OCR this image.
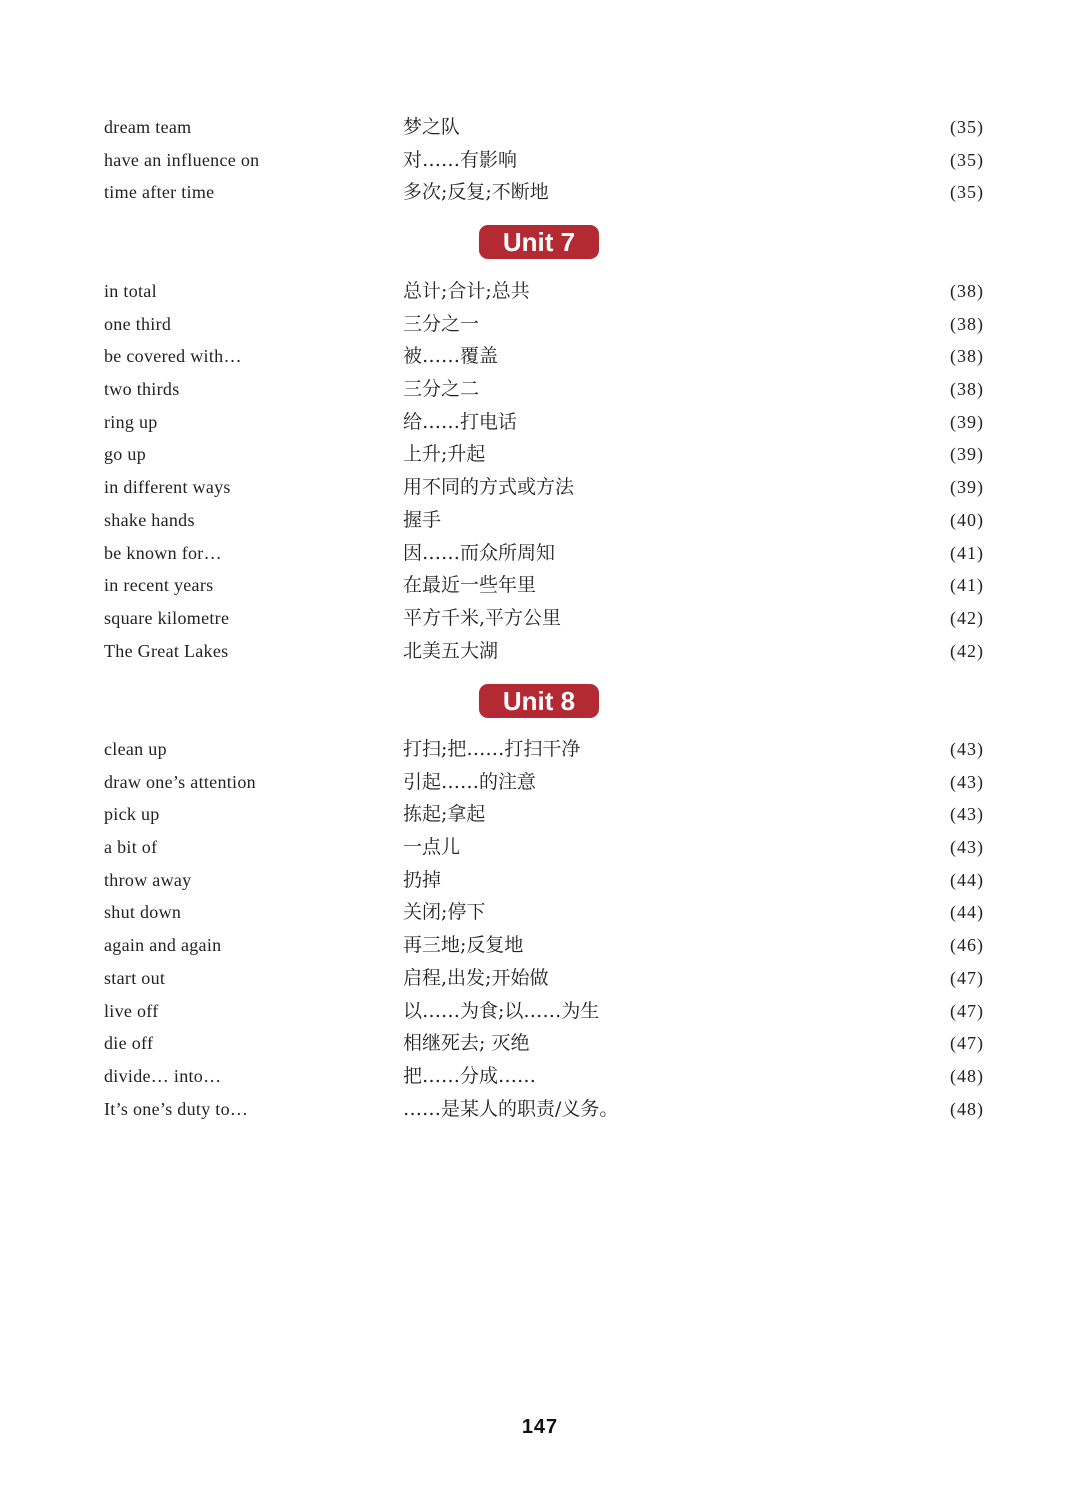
dream team	梦之队	(35)
have an influence on	对……有影响	(35)
time after time	多次;反复;不断地	(35)
Unit 7
in total	总计;合计;总共	(38)
one third	三分之一	(38)
be covered with…	被……覆盖	(38)
two thirds	三分之二	(38)
ring up	给……打电话	(39)
go up	上升;升起	(39)
in different ways	用不同的方式或方法	(39)
shake hands	握手	(40)
be known for…	因……而众所周知	(41)
in recent years	在最近一些年里	(41)
square kilometre	平方千米,平方公里	(42)
The Great Lakes	北美五大湖	(42)
Unit 8
clean up	打扫;把……打扫干净	(43)
draw one’s attention	引起……的注意	(43)
pick up	拣起;拿起	(43)
a bit of	一点儿	(43)
throw away	扔掉	(44)
shut down	关闭;停下	(44)
again and again	再三地;反复地	(46)
start out	启程,出发;开始做	(47)
live off	以……为食;以……为生	(47)
die off	相继死去; 灭绝	(47)
divide… into…	把……分成……	(48)
It’s one’s duty to…	……是某人的职责/义务。	(48)
147
